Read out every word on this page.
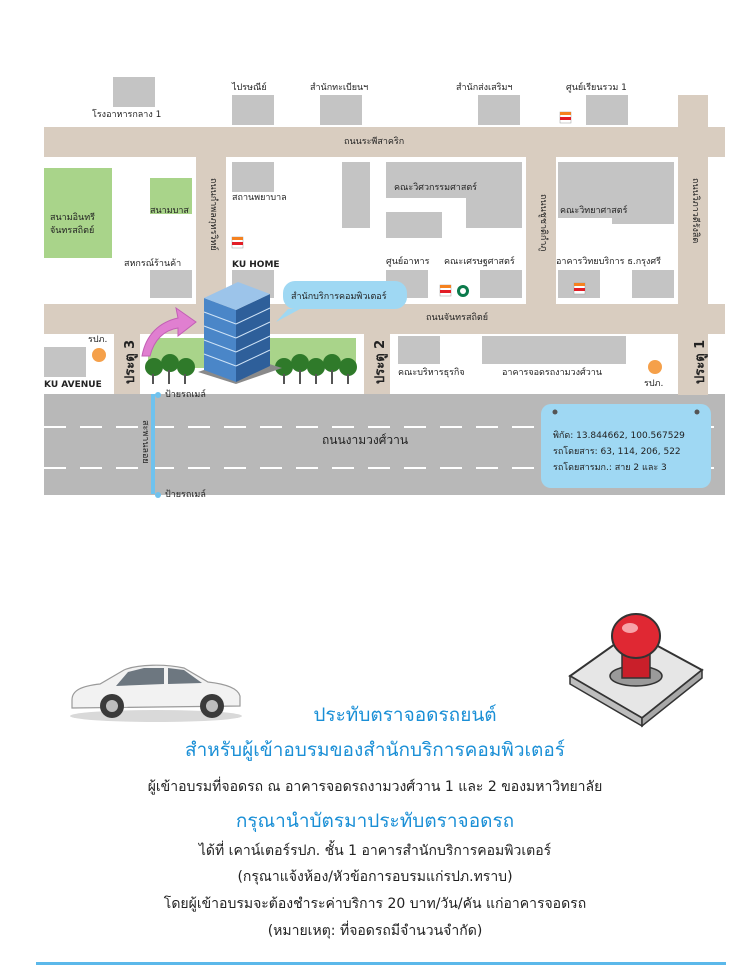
โรงอาหารกลาง 1
ไปรษณีย์	สำนักทะเบียนฯ	สำนักส่งเสริมฯ	ศูนย์เรียนรวม 1
ถนนระพีสาคริก
ถนนจันทรสถิตย์
ถนนงามวงศ์วาน
ถนนกำพลภุทรวิทย์	ถนนชูชาติกำภู	ถนนวิภาวดีรังสิต
สะพานลอย
สนามอินทรี จันทรสถิตย์
สนามบาส
สถานพยาบาล
สหกรณ์ร้านค้า	KU HOME
คณะวิศวกรรมศาสตร์
คณะวิทยาศาสตร์
ศูนย์อาหาร คณะเศรษฐศาสตร์	อาคารวิทยบริการ ธ.กรุงศรี
คณะบริหารธุรกิจ	อาคารจอดรถงามวงศ์วาน
รปภ.
รปภ.
KU AVENUE
ป้ายรถเมล์
ป้ายรถเมล์
ประตู 3	ประตู 2	ประตู 1
สำนักบริการคอมพิวเตอร์
พิกัด: 13.844662, 100.567529
รถโดยสาร: 63, 114, 206, 522
รถโดยสารมก.: สาย 2 และ 3
ประทับตราจอดรถยนต์
สำหรับผู้เข้าอบรมของสำนักบริการคอมพิวเตอร์
ผู้เข้าอบรมที่จอดรถ ณ อาคารจอดรถงามวงศ์วาน 1 และ 2 ของมหาวิทยาลัย
กรุณานำบัตรมาประทับตราจอดรถ
ได้ที่ เคาน์เตอร์รปภ. ชั้น 1 อาคารสำนักบริการคอมพิวเตอร์
(กรุณาแจ้งห้อง/หัวข้อการอบรมแก่รปภ.ทราบ)
โดยผู้เข้าอบรมจะต้องชำระค่าบริการ 20 บาท/วัน/คัน แก่อาคารจอดรถ
(หมายเหตุ: ที่จอดรถมีจำนวนจำกัด)
